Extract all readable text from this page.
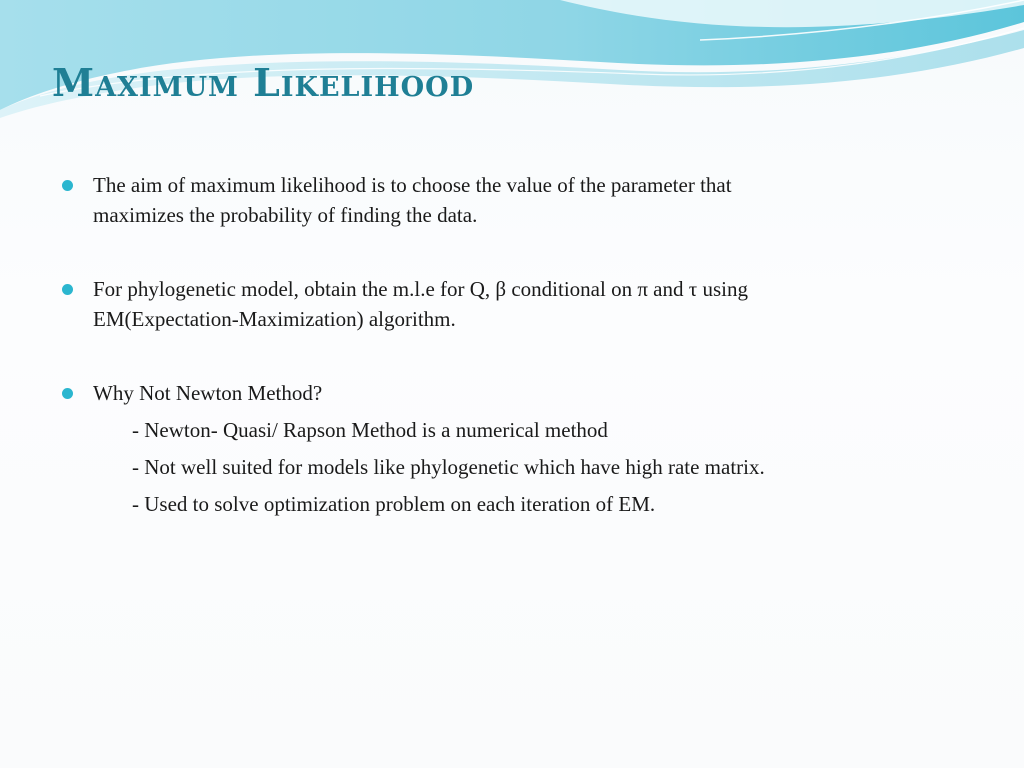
Maximum Likelihood
The aim of maximum likelihood is to choose the value of the parameter that
maximizes the probability of finding the data.
For phylogenetic model, obtain the m.l.e for Q, β conditional on π and τ using
EM(Expectation-Maximization) algorithm.
Why Not Newton Method?
- Newton- Quasi/ Rapson Method is a numerical method
- Not well suited for models like phylogenetic which have high rate matrix.
- Used to solve optimization problem on each iteration of EM.
